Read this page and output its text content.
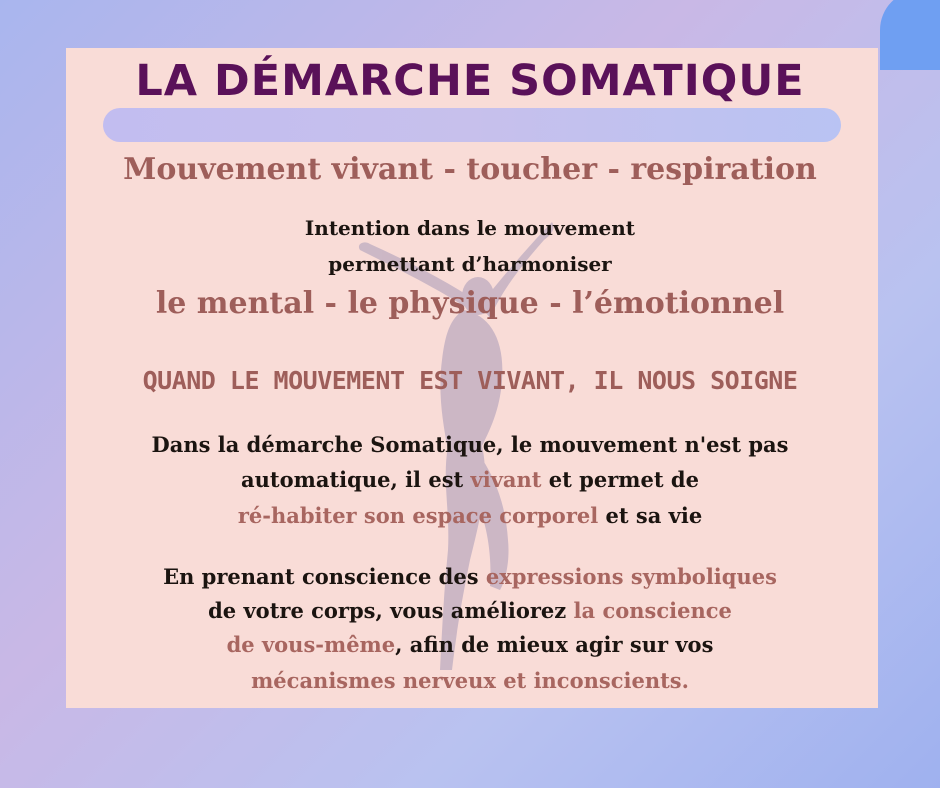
LA DÉMARCHE SOMATIQUE
Mouvement vivant - toucher - respiration
Intention dans le mouvement
permettant d’harmoniser
le mental - le physique - l’émotionnel
QUAND LE MOUVEMENT EST VIVANT, IL NOUS SOIGNE
Dans la démarche Somatique, le mouvement n'est pas
automatique, il est vivant et permet de
ré-habiter son espace corporel et sa vie
En prenant conscience des expressions symboliques
de votre corps, vous améliorez la conscience
de vous-même, afin de mieux agir sur vos
mécanismes nerveux et inconscients.
